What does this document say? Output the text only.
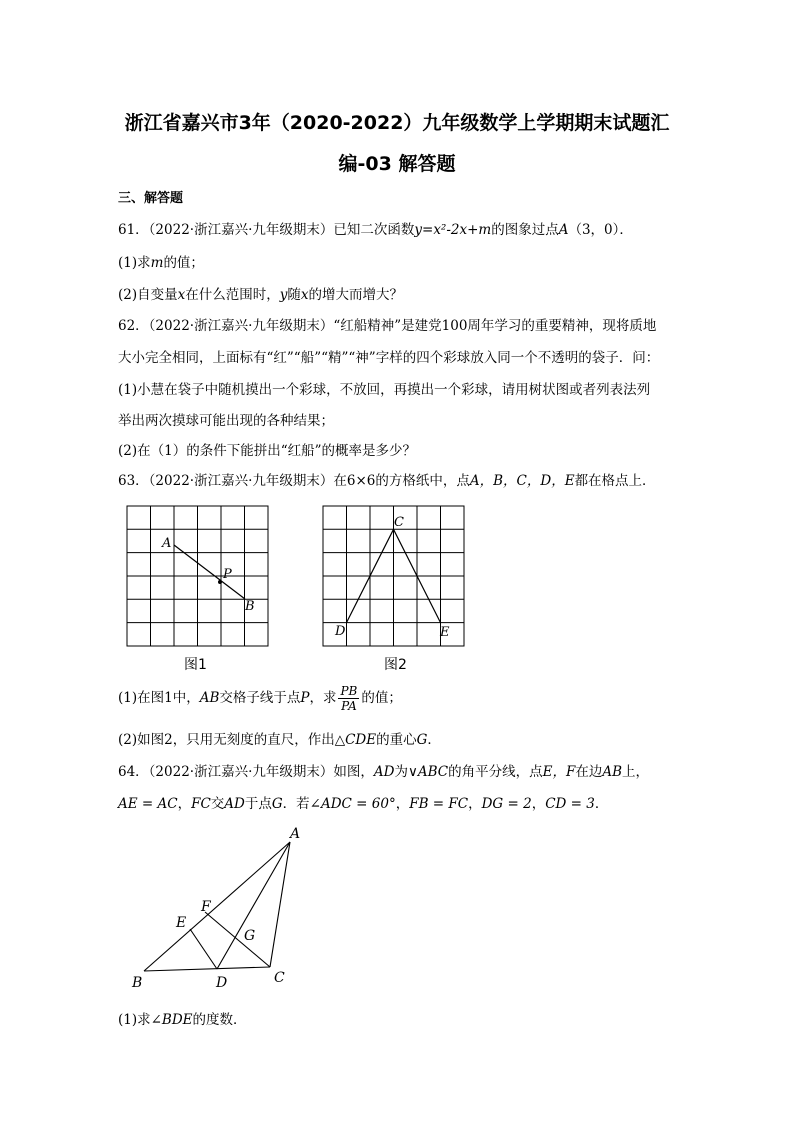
浙江省嘉兴市3年（2020-2022）九年级数学上学期期末试题汇
编-03 解答题
三、解答题
61．（2022·浙江嘉兴·九年级期末）已知二次函数y=x²-2x+m的图象过点A（3，0）．
(1)求m的值；
(2)自变量x在什么范围时，y随x的增大而增大？
62．（2022·浙江嘉兴·九年级期末）“红船精神”是建党100周年学习的重要精神，现将质地
大小完全相同，上面标有“红”“船”“精”“神”字样的四个彩球放入同一个不透明的袋子．问：
(1)小慧在袋子中随机摸出一个彩球，不放回，再摸出一个彩球，请用树状图或者列表法列
举出两次摸球可能出现的各种结果；
(2)在（1）的条件下能拼出“红船”的概率是多少？
63．（2022·浙江嘉兴·九年级期末）在6×6的方格纸中，点A，B，C，D，E都在格点上．
A
P
B
图1
C
D	E
图2
(1)在图1中，AB交格子线于点P，求 $\frac{PB}{PA}$ 的值；
(2)如图2，只用无刻度的直尺，作出△CDE的重心G．
64．（2022·浙江嘉兴·九年级期末）如图，AD为∨ABC的角平分线，点E，F在边AB上，
AE = AC，FC交AD于点G．若∠ADC = 60°，FB = FC，DG = 2，CD = 3．
A
F
E
G
B	D	C
(1)求∠BDE的度数．
